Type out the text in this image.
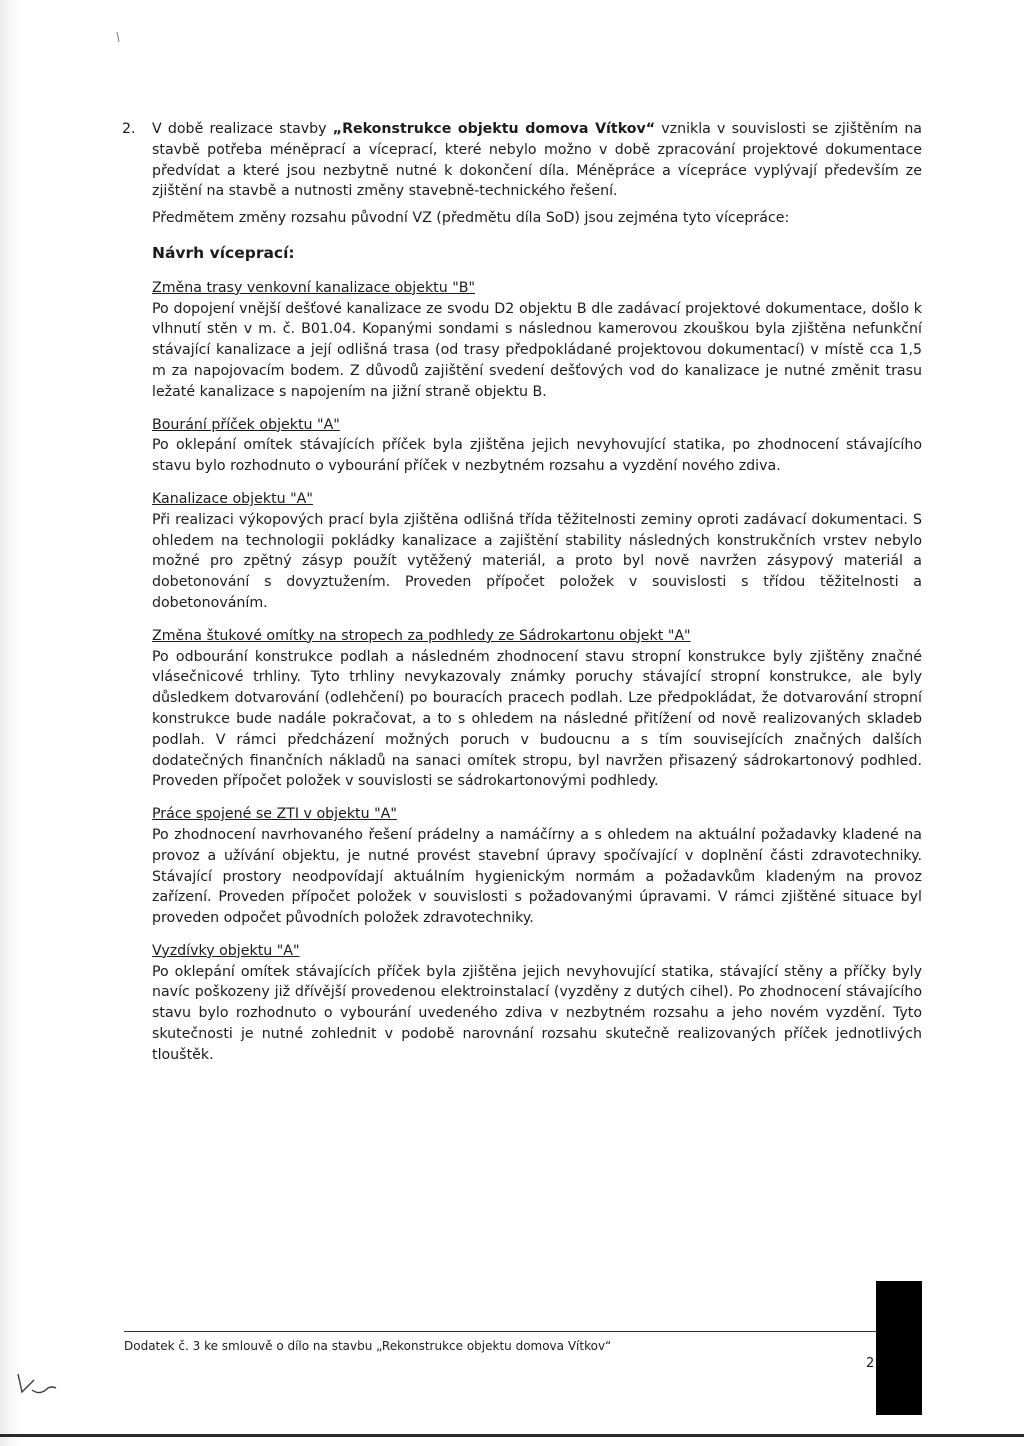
2. V době realizace stavby „Rekonstrukce objektu domova Vítkov“ vznikla v souvislosti se zjištěním na stavbě potřeba méněprací a víceprací, které nebylo možno v době zpracování projektové dokumentace předvídat a které jsou nezbytně nutné k dokončení díla. Méněpráce a vícepráce vyplývají především ze zjištění na stavbě a nutnosti změny stavebně-technického řešení.

Předmětem změny rozsahu původní VZ (předmětu díla SoD) jsou zejména tyto vícepráce:

Návrh víceprací:

Změna trasy venkovní kanalizace objektu "B"

Po dopojení vnější dešťové kanalizace ze svodu D2 objektu B dle zadávací projektové dokumentace, došlo k vlhnutí stěn v m. č. B01.04. Kopanými sondami s následnou kamerovou zkouškou byla zjištěna nefunkční stávající kanalizace a její odlišná trasa (od trasy předpokládané projektovou dokumentací) v místě cca 1,5 m za napojovacím bodem. Z důvodů zajištění svedení dešťových vod do kanalizace je nutné změnit trasu ležaté kanalizace s napojením na jižní straně objektu B.

Bourání příček objektu "A"

Po oklepání omítek stávajících příček byla zjištěna jejich nevyhovující statika, po zhodnocení stávajícího stavu bylo rozhodnuto o vybourání příček v nezbytném rozsahu a vyzdění nového zdiva.

Kanalizace objektu "A"

Při realizaci výkopových prací byla zjištěna odlišná třída těžitelnosti zeminy oproti zadávací dokumentaci. S ohledem na technologii pokládky kanalizace a zajištění stability následných konstrukčních vrstev nebylo možné pro zpětný zásyp použít vytěžený materiál, a proto byl nově navržen zásypový materiál a dobetonování s dovyztužením. Proveden přípočet položek v souvislosti s třídou těžitelnosti a dobetonováním.

Změna štukové omítky na stropech za podhledy ze Sádrokartonu objekt "A"

Po odbourání konstrukce podlah a následném zhodnocení stavu stropní konstrukce byly zjištěny značné vlásečnicové trhliny. Tyto trhliny nevykazovaly známky poruchy stávající stropní konstrukce, ale byly důsledkem dotvarování (odlehčení) po bouracích pracech podlah. Lze předpokládat, že dotvarování stropní konstrukce bude nadále pokračovat, a to s ohledem na následné přitížení od nově realizovaných skladeb podlah. V rámci předcházení možných poruch v budoucnu a s tím souvisejících značných dalších dodatečných finančních nákladů na sanaci omítek stropu, byl navržen přisazený sádrokartonový podhled. Proveden přípočet položek v souvislosti se sádrokartonovými podhledy.

Práce spojené se ZTI v objektu "A"

Po zhodnocení navrhovaného řešení prádelny a namáčírny a s ohledem na aktuální požadavky kladené na provoz a užívání objektu, je nutné provést stavební úpravy spočívající v doplnění části zdravotechniky. Stávající prostory neodpovídají aktuálním hygienickým normám a požadavkům kladeným na provoz zařízení. Proveden přípočet položek v souvislosti s požadovanými úpravami. V rámci zjištěné situace byl proveden odpočet původních položek zdravotechniky.

Vyzdívky objektu "A"

Po oklepání omítek stávajících příček byla zjištěna jejich nevyhovující statika, stávající stěny a příčky byly navíc poškozeny již dřívější provedenou elektroinstalací (vyzděny z dutých cihel). Po zhodnocení stávajícího stavu bylo rozhodnuto o vybourání uvedeného zdiva v nezbytném rozsahu a jeho novém vyzdění. Tyto skutečnosti je nutné zohlednit v podobě narovnání rozsahu skutečně realizovaných příček jednotlivých tlouštěk.

Dodatek č. 3 ke smlouvě o dílo na stavbu „Rekonstrukce objektu domova Vítkov“
2
